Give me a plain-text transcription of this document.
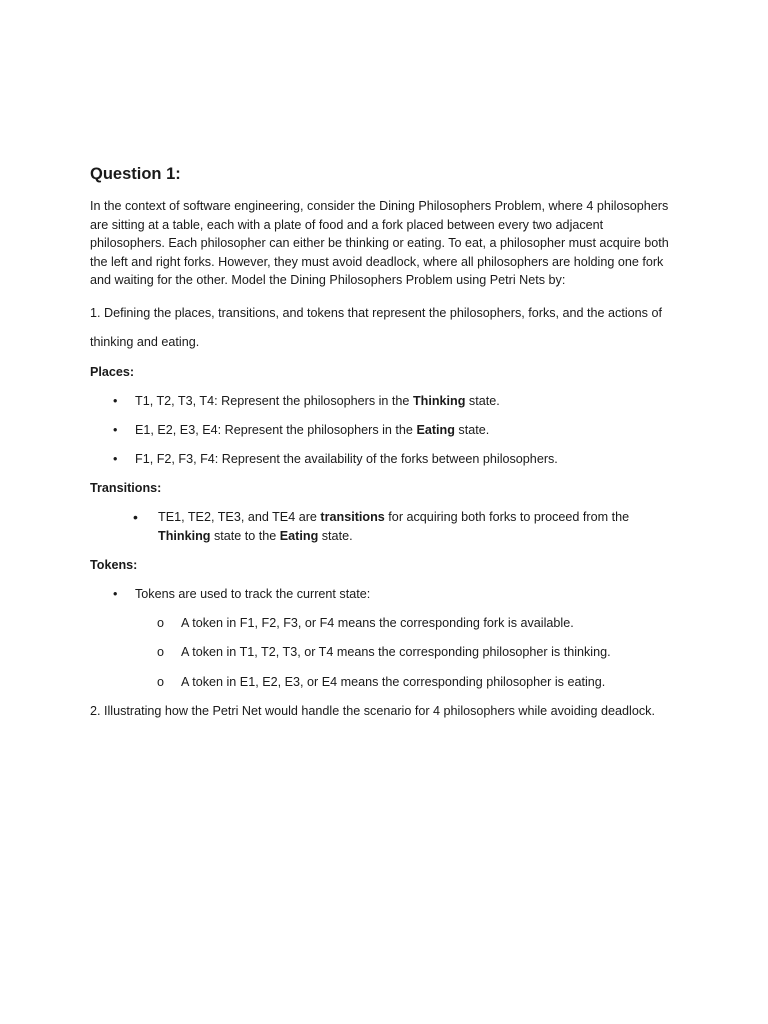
Question 1:

In the context of software engineering, consider the Dining Philosophers Problem, where 4 philosophers are sitting at a table, each with a plate of food and a fork placed between every two adjacent philosophers. Each philosopher can either be thinking or eating. To eat, a philosopher must acquire both the left and right forks. However, they must avoid deadlock, where all philosophers are holding one fork and waiting for the other. Model the Dining Philosophers Problem using Petri Nets by:

1. Defining the places, transitions, and tokens that represent the philosophers, forks, and the actions of thinking and eating.

Places:

• T1, T2, T3, T4: Represent the philosophers in the Thinking state.
• E1, E2, E3, E4: Represent the philosophers in the Eating state.
• F1, F2, F3, F4: Represent the availability of the forks between philosophers.

Transitions:

• TE1, TE2, TE3, and TE4 are transitions for acquiring both forks to proceed from the Thinking state to the Eating state.

Tokens:

• Tokens are used to track the current state:
o A token in F1, F2, F3, or F4 means the corresponding fork is available.
o A token in T1, T2, T3, or T4 means the corresponding philosopher is thinking.
o A token in E1, E2, E3, or E4 means the corresponding philosopher is eating.

2. Illustrating how the Petri Net would handle the scenario for 4 philosophers while avoiding deadlock.
